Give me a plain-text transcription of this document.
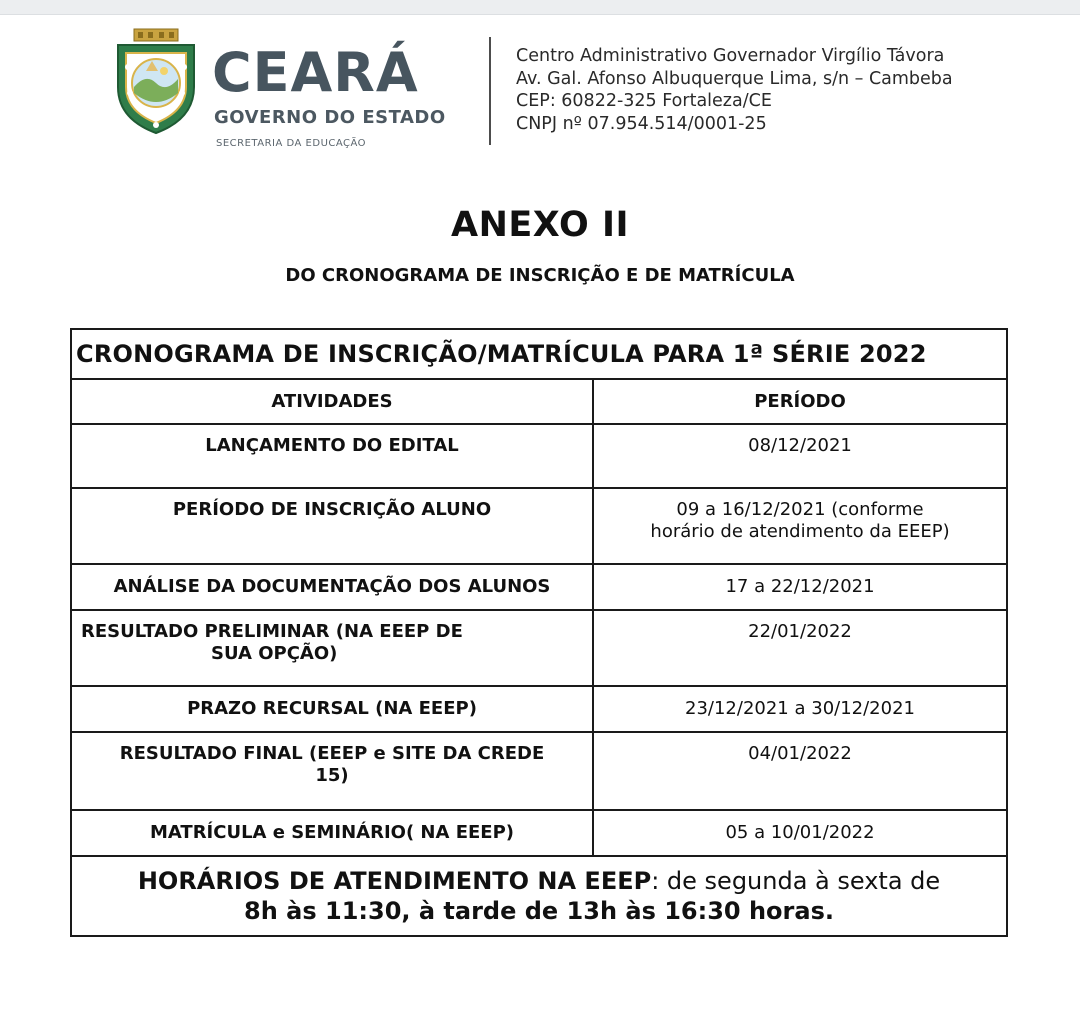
CEARÁ
GOVERNO DO ESTADO
SECRETARIA DA EDUCAÇÃO
Centro Administrativo Governador Virgílio Távora
Av. Gal. Afonso Albuquerque Lima, s/n – Cambeba
CEP: 60822-325 Fortaleza/CE
CNPJ nº 07.954.514/0001-25
ANEXO II
DO CRONOGRAMA DE INSCRIÇÃO E DE MATRÍCULA
CRONOGRAMA DE INSCRIÇÃO/MATRÍCULA PARA 1ª SÉRIE 2022	
ATIVIDADES	PERÍODO
LANÇAMENTO DO EDITAL	08/12/2021
PERÍODO DE INSCRIÇÃO ALUNO	09 a 16/12/2021 (conforme
horário de atendimento da EEEP)

ANÁLISE DA DOCUMENTAÇÃO DOS ALUNOS	17 a 22/12/2021

RESULTADO PRELIMINAR (NA EEEP DE
SUA OPÇÃO)	22/01/2022
PRAZO RECURSAL (NA EEEP)	23/12/2021 a 30/12/2021

RESULTADO FINAL (EEEP e SITE DA CREDE
15)	04/01/2022
MATRÍCULA e SEMINÁRIO( NA EEEP)	05 a 10/01/2022

HORÁRIOS DE ATENDIMENTO NA EEEP: de segunda à sexta de
8h às 11:30, à tarde de 13h às 16:30 horas.	
